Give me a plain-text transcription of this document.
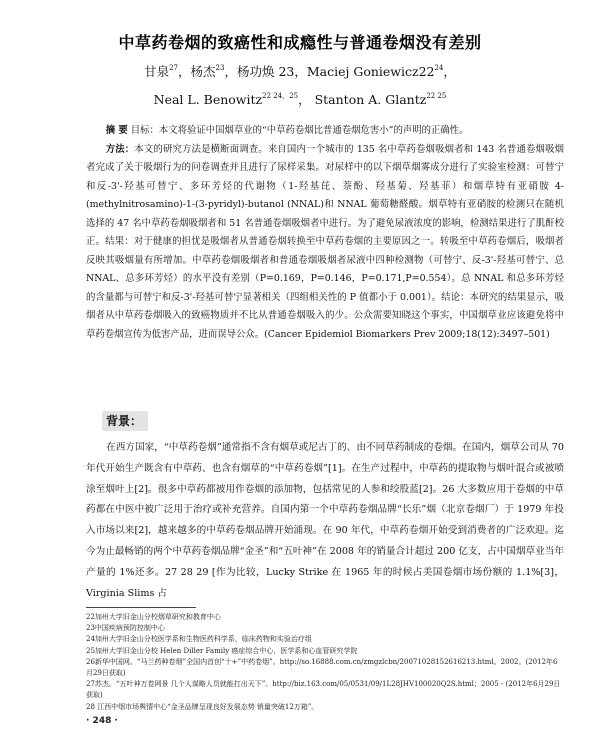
中草药卷烟的致癌性和成瘾性与普通卷烟没有差别
甘泉$^{27}$，杨杰$^{23}$，杨功焕 23，Maciej $Goniewicz22^{24}$，
Neal L. Benowitz$^{22 24,25}$， Stanton A. Glantz$^{22 25}$

摘 要 目标：本文将验证中国烟草业的“中草药卷烟比普通卷烟危害小”的声明的正确性。

方法：本文的研究方法是横断面调查。来自国内一个城市的 135 名中草药卷烟吸烟者和 143 名普通卷烟吸烟者完成了关于吸烟行为的问卷调查并且进行了尿样采集。对尿样中的以下烟草烟雾成分进行了实验室检测：可替宁和反-3'-羟基可替宁、多环芳烃的代谢物（1-羟基芘、萘酚、羟基菊、羟基菲）和烟草特有亚硝胺 4-(methylnitrosamino)-1-(3-pyridyl)-butanol (NNAL)和 NNAL 葡萄糖醛酸。烟草特有亚硝胺的检测只在随机选择的 47 名中草药卷烟吸烟者和 51 名普通卷烟吸烟者中进行。为了避免尿液浓度的影响，检测结果进行了肌酐校正。结果：对于健康的担忧是吸烟者从普通卷烟转换至中草药卷烟的主要原因之一。转吸至中草药卷烟后，吸烟者反映其吸烟量有所增加。中草药卷烟吸烟者和普通卷烟吸烟者尿液中四种检测物（可替宁、反-3'-羟基可替宁、总 NNAL、总多环芳烃）的水平没有差别（P=0.169，P=0.146，P=0.171,P=0.554）。总 NNAL 和总多环芳烃的含量都与可替宁和反-3'-羟基可替宁显著相关（四组相关性的 P 值都小于 0.001）。结论：本研究的结果显示，吸烟者从中草药卷烟吸入的致癌物质并不比从普通卷烟吸入的少。公众需要知晓这个事实，中国烟草业应该避免将中草药卷烟宣传为低害产品，进而误导公众。(Cancer Epidemiol Biomarkers Prev 2009;18(12):3497–501)

背景：

在西方国家，“中草药卷烟”通常指不含有烟草或尼古丁的、由不同草药制成的卷烟。在国内，烟草公司从 70 年代开始生产既含有中草药、也含有烟草的“中草药卷烟”[1]。在生产过程中，中草药的提取物与烟叶混合或被喷涂至烟叶上[2]。很多中草药都被用作卷烟的添加物，包括常见的人参和绞股蓝[2]。26 大多数应用于卷烟的中草药都在中医中被广泛用于治疗或补充营养。自国内第一个中草药卷烟品牌“长乐”烟（北京卷烟厂）于 1979 年投入市场以来[2]，越来越多的中草药卷烟品牌开始涌现。在 90 年代，中草药卷烟开始受到消费者的广泛欢迎。迄今为止最畅销的两个中草药卷烟品牌“金圣”和“五叶神”在 2008 年的销量合计超过 200 亿支，占中国烟草业当年产量的 1%还多。27 28 29 [作为比较，Lucky Strike 在 1965 年的时候占美国卷烟市场份额的 1.1%[3]，Virginia Slims 占

22加州大学旧金山分校烟草研究和教育中心
23中国疾病预防控制中心
24加州大学旧金山分校医学系和生物医药科学系，临床药物和实验治疗组
25加州大学旧金山分校 Helen Diller Family 癌症综合中心，医学系和心血管研究学院
26新华中国网。“马兰药种卷烟”全国内首创“十+”中药卷烟”。http://so.16888.com.cn/zmgzlcbn/20071028152616213.html。2002。(2012年6月29日获取)
27苏杰。“五叶神万卷网景 几个人谋略人员就能打出天下”。http://biz.163.com/05/0531/09/1L28JHV100020Q2S.html；2005 - (2012年6月29日获取)
28 江西中烟市场舆情中心“金圣品牌呈现良好发展态势 销量突破12万箱”。
· 248 ·
